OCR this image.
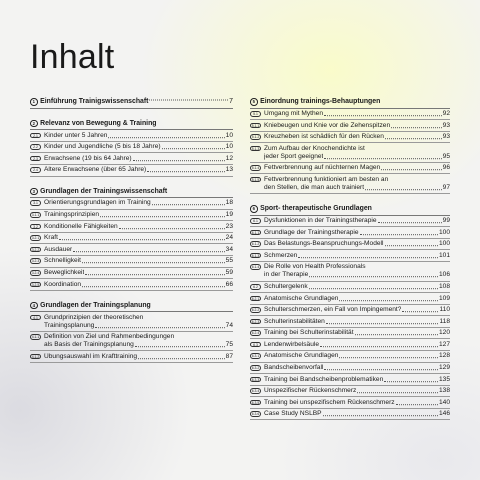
Inhalt
1 Einführung Trainigswissenschaft	7
2 Relevanz von Bewegung & Training
2.1 Kinder unter 5 Jahren	10
2.2 Kinder und Jugendliche (5 bis 18 Jahre)	10
2.3 Erwachsene (19 bis 64 Jahre)	12
2.4 Ältere Erwachsene (über 65 Jahre)	13
3 Grundlagen der Trainingswissenschaft
3.1 Orientierungsgrundlagen im Training	18
3.1.1 Trainingsprinzipien	19
3.2 Konditionelle Fähigkeiten	23
3.2.1 Kraft	24
3.2.2 Ausdauer	34
3.2.3 Schnelligkeit	55
3.2.4 Beweglichkeit	59
3.2.5 Koordination	66
4 Grundlagen der Trainingsplanung
4.1 Grundprinzipien der theoretischen
Trainingsplanung	74
4.1.1 Definition von Ziel und Rahmenbedingungen
als Basis der Trainingsplanung	75
4.1.2 Übungsauswahl im Krafttraining	87
5 Einordnung trainings-Behauptungen
5.1 Umgang mit Mythen	92
5.1.1 Kniebeugen und Knie vor die Zehenspitzen	93
5.1.2 Kreuzheben ist schädlich für den Rücken	93
5.1.3 Zum Aufbau der Knochendichte ist
jeder Sport geeignet	95
5.1.4 Fettverbrennung auf nüchternen Magen	96
5.1.5 Fettverbrennung funktioniert am besten an
den Stellen, die man auch trainiert	97
6 Sport- therapeutische Grundlagen
6.1 Dysfunktionen in der Trainingstherapie	99
6.1.1 Grundlage der Trainingstherapie	100
6.1.2 Das Belastungs-Beanspruchungs-Modell	100
6.1.3 Schmerzen	101
6.1.4 Die Rolle von Health Professionals
in der Therapie	106
6.2 Schultergelenk	108
6.2.1 Anatomische Grundlagen	109
6.2.2 Schulterschmerzen, ein Fall von Impingement?	110
6.2.3 Schulterinstabilitäten	118
6.2.4 Training bei Schulterinstabilität	120
6.3 Lendenwirbelsäule	127
6.3.1 Anatomische Grundlagen	128
6.3.2 Bandscheibenvorfall	129
6.3.3 Training bei Bandscheibenproblematiken	135
6.3.4 Unspezifischer Rückenschmerz	138
6.3.5 Training bei unspezifischem Rückenschmerz	140
6.3.6 Case Study NSLBP	146
